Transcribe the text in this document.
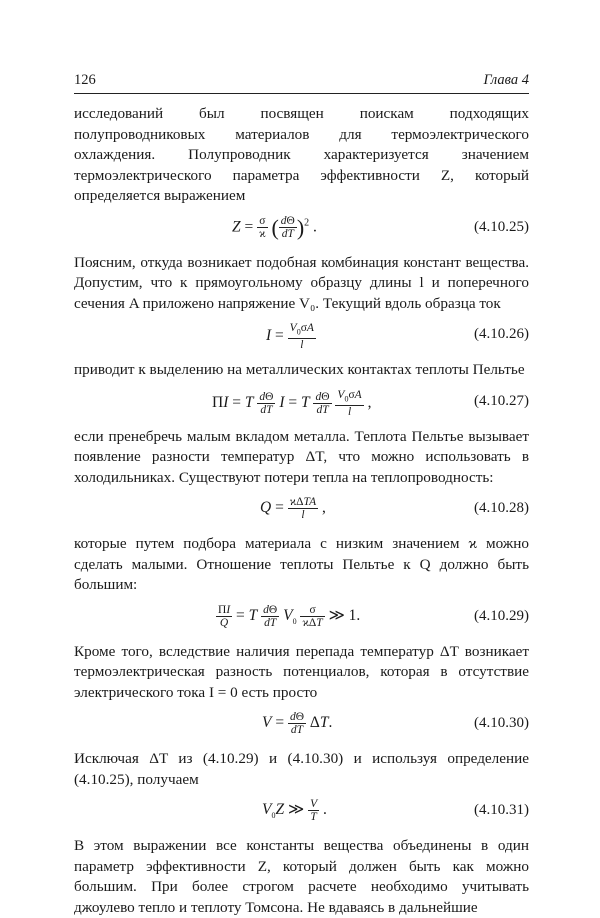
126	Глава 4

исследований был посвящен поискам подходящих полупроводниковых материалов для термоэлектрического охлаждения. Полупроводник характеризуется значением термоэлектрического параметра эффективности Z, который определяется выражением

$Z = \frac{\sigma}{ϰ}$ ( $\frac{d\Theta}{dT} )^2$ .	(4.10.25)

Поясним, откуда возникает подобная комбинация констант вещества. Допустим, что к прямоугольному образцу длины l и поперечного сечения A приложено напряжение V₀. Текущий вдоль образца ток

$I = \frac{V_0\sigma A}{l}$	(4.10.26)

приводит к выделению на металлических контактах теплоты Пельтье

ΠI = T $\frac{d\Theta}{dT}$ I = T $\frac{d\Theta}{dT}$
$\frac{V_0\sigma A}{l}$ ,	(4.10.27)

если пренебречь малым вкладом металла. Теплота Пельтье вызывает появление разности температур ΔT, что можно использовать в холодильниках. Существуют потери тепла на теплопроводность:

$Q = \frac{\text{ϰΔTA}}{l}$ ,	(4.10.28)

которые путем подбора материала с низким значением ϰ можно сделать малыми. Отношение теплоты Пельтье к Q должно быть большим:

$\frac{\Pi I}{Q} = T \frac{d\Theta}{dT} V_0 \frac{\sigma}{\text{ϰΔT}}$ ≫ 1.	(4.10.29)

Кроме того, вследствие наличия перепада температур ΔT возникает термоэлектрическая разность потенциалов, которая в отсутствие электрического тока I = 0 есть просто

$V = \frac{d\Theta}{dT} \Delta T$.	(4.10.30)

Исключая ΔT из (4.10.29) и (4.10.30) и используя определение (4.10.25), получаем

$V_0Z$ ≫ $\frac{V}{T}$ .	(4.10.31)

В этом выражении все константы вещества объединены в один параметр эффективности Z, который должен быть как можно большим. При более строгом расчете необходимо учитывать джоулево тепло и теплоту Томсона. Не вдаваясь в дальнейшие
